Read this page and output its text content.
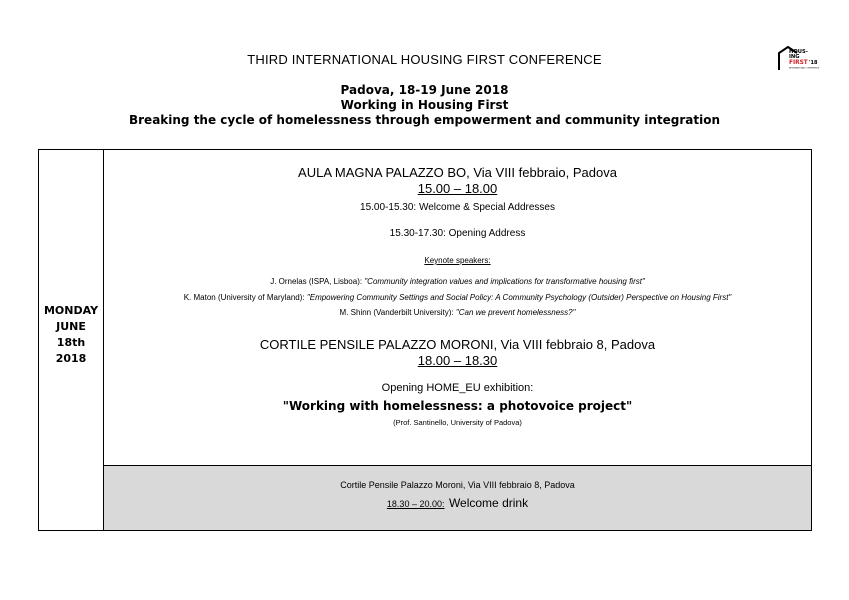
HOUS-
ING
FIRST '18
INTERNATIONAL CONFERENCE
THIRD INTERNATIONAL HOUSING FIRST CONFERENCE
Padova, 18-19 June 2018
Working in Housing First
Breaking the cycle of homelessness through empowerment and community integration
MONDAY
JUNE
18th
2018
AULA MAGNA PALAZZO BO, Via VIII febbraio, Padova
15.00 – 18.00
15.00-15.30: Welcome & Special Addresses
15.30-17.30: Opening Address
Keynote speakers:
J. Ornelas (ISPA, Lisboa): "Community integration values and implications for transformative housing first"
K. Maton (University of Maryland): "Empowering Community Settings and Social Policy: A Community Psychology (Outsider) Perspective on Housing First"
M. Shinn (Vanderbilt University): "Can we prevent homelessness?"
CORTILE PENSILE PALAZZO MORONI, Via VIII febbraio 8, Padova
18.00 – 18.30
Opening HOME_EU exhibition:
"Working with homelessness: a photovoice project"
(Prof. Santinello, University of Padova)
Cortile Pensile Palazzo Moroni, Via VIII febbraio 8, Padova
18.30 – 20.00: Welcome drink
